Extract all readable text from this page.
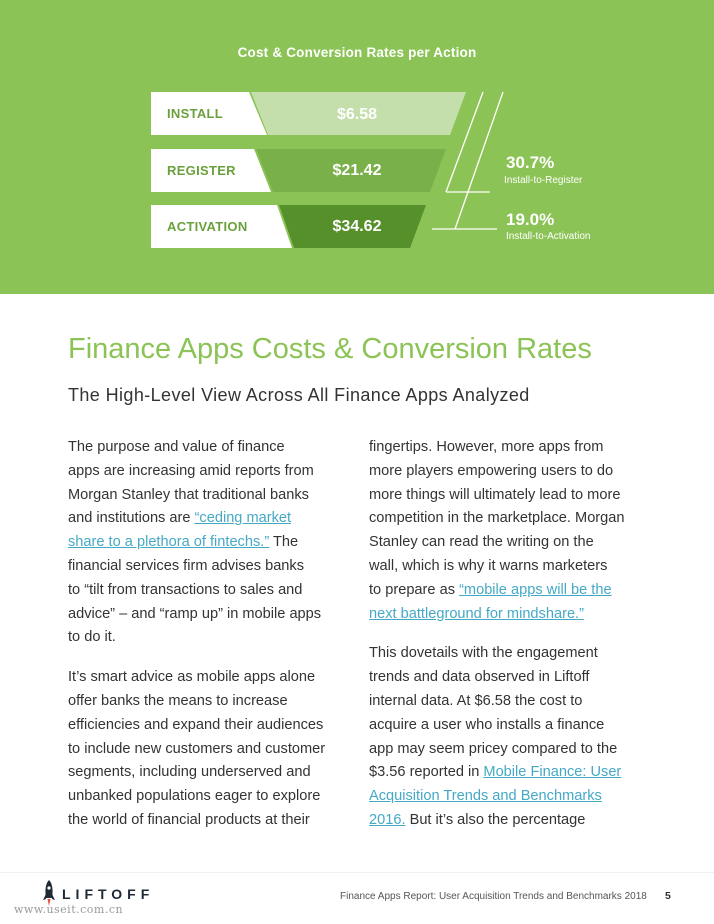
Cost & Conversion Rates per Action
INSTALL
REGISTER
ACTIVATION
$6.58
$21.42
$34.62
30.7%
Install-to-Register
19.0%
Install-to-Activation
Finance Apps Costs & Conversion Rates
The High-Level View Across All Finance Apps Analyzed

The purpose and value of finance
apps are increasing amid reports from
Morgan Stanley that traditional banks
and institutions are “ceding market
share to a plethora of fintechs.” The
financial services firm advises banks
to “tilt from transactions to sales and
advice” – and “ramp up” in mobile apps
to do it.

It’s smart advice as mobile apps alone
offer banks the means to increase
efficiencies and expand their audiences
to include new customers and customer
segments, including underserved and
unbanked populations eager to explore
the world of financial products at their

fingertips. However, more apps from
more players empowering users to do
more things will ultimately lead to more
competition in the marketplace. Morgan
Stanley can read the writing on the
wall, which is why it warns marketers
to prepare as “mobile apps will be the
next battleground for mindshare.”

This dovetails with the engagement
trends and data observed in Liftoff
internal data. At $6.58 the cost to
acquire a user who installs a finance
app may seem pricey compared to the
$3.56 reported in Mobile Finance: User
Acquisition Trends and Benchmarks
2016. But it’s also the percentage

LIFTOFF	Finance Apps Report: User Acquisition Trends and Benchmarks 2018 5
www.useit.com.cn
